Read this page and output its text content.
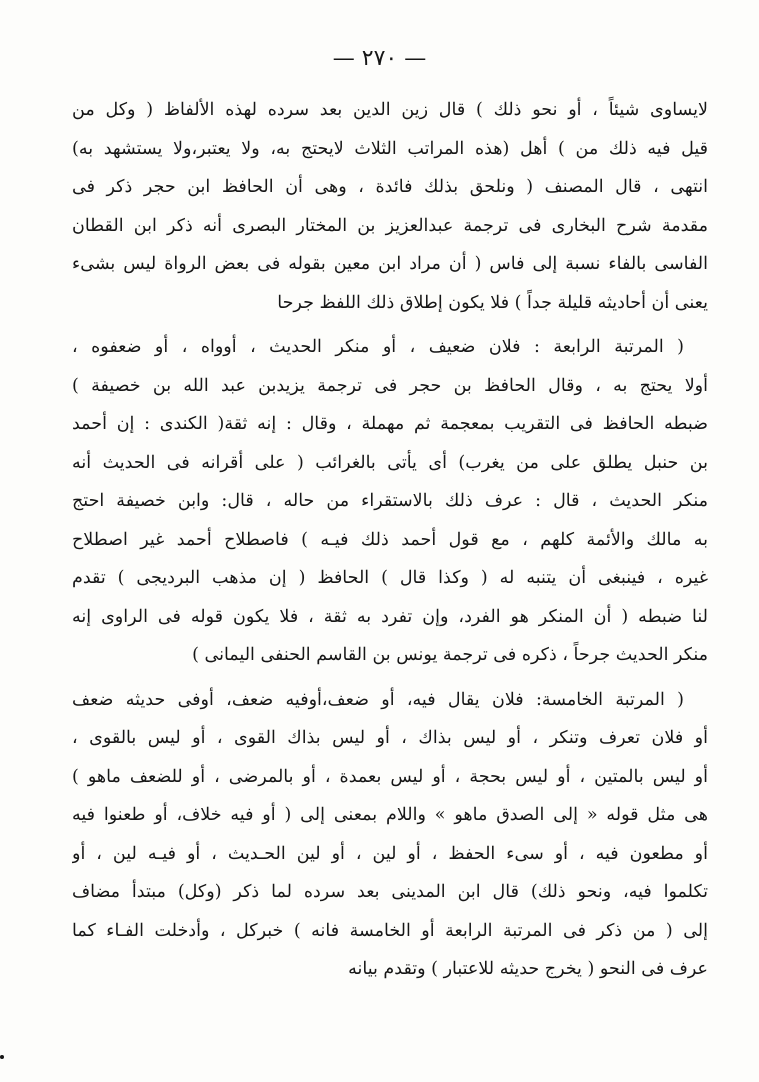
— ٢٧٠ —
لايساوى شيئاً ، أو نحو ذلك ) قال زين الدين بعد سرده لهذه الألفاظ ( وكل من
قيل فيه ذلك من ) أهل (هذه المراتب الثلاث لايحتج به، ولا يعتبر،ولا يستشهد به)
انتهى ، قال المصنف ( ونلحق بذلك فائدة ، وهى أن الحافظ ابن حجر ذكر فى
مقدمة شرح البخارى فى ترجمة عبدالعزيز بن المختار البصرى أنه ذكر ابن القطان
الفاسى بالفاء نسبة إلى فاس ( أن مراد ابن معين بقوله فى بعض الرواة ليس بشىء
يعنى أن أحاديثه قليلة جداً ) فلا يكون إطلاق ذلك اللفظ جرحا
( المرتبة الرابعة : فلان ضعيف ، أو منكر الحديث ، أوواه ، أو ضعفوه ،
أولا يحتج به ، وقال الحافظ بن حجر فى ترجمة يزيدبن عبد الله بن خصيفة )
ضبطه الحافظ فى التقريب بمعجمة ثم مهملة ، وقال : إنه ثقة( الكندى : إن أحمد
بن حنبل يطلق على من يغرب) أى يأتى بالغرائب ( على أقرانه فى الحديث أنه
منكر الحديث ، قال : عرف ذلك بالاستقراء من حاله ، قال: وابن خصيفة احتج
به مالك والأئمة كلهم ، مع قول أحمد ذلك فيـه ) فاصطلاح أحمد غير اصطلاح
غيره ، فينبغى أن يتنبه له ( وكذا قال ) الحافظ ( إن مذهب البرديجى ) تقدم
لنا ضبطه ( أن المنكر هو الفرد، وإن تفرد به ثقة ، فلا يكون قوله فى الراوى إنه
منكر الحديث جرحاً ، ذكره فى ترجمة يونس بن القاسم الحنفى اليمانى )
( المرتبة الخامسة: فلان يقال فيه، أو ضعف،أوفيه ضعف، أوفى حديثه ضعف
أو فلان تعرف وتنكر ، أو ليس بذاك ، أو ليس بذاك القوى ، أو ليس بالقوى ،
أو ليس بالمتين ، أو ليس بحجة ، أو ليس بعمدة ، أو بالمرضى ، أو للضعف ماهو )
هى مثل قوله « إلى الصدق ماهو » واللام بمعنى إلى ( أو فيه خلاف، أو طعنوا فيه
أو مطعون فيه ، أو سىء الحفظ ، أو لين ، أو لين الحـديث ، أو فيـه لين ، أو
تكلموا فيه، ونحو ذلك) قال ابن المدينى بعد سرده لما ذكر (وكل) مبتدأ مضاف
إلى ( من ذكر فى المرتبة الرابعة أو الخامسة فانه ) خبركل ، وأدخلت الفـاء كما
عرف فى النحو ( يخرج حديثه للاعتبار ) وتقدم بيانه
